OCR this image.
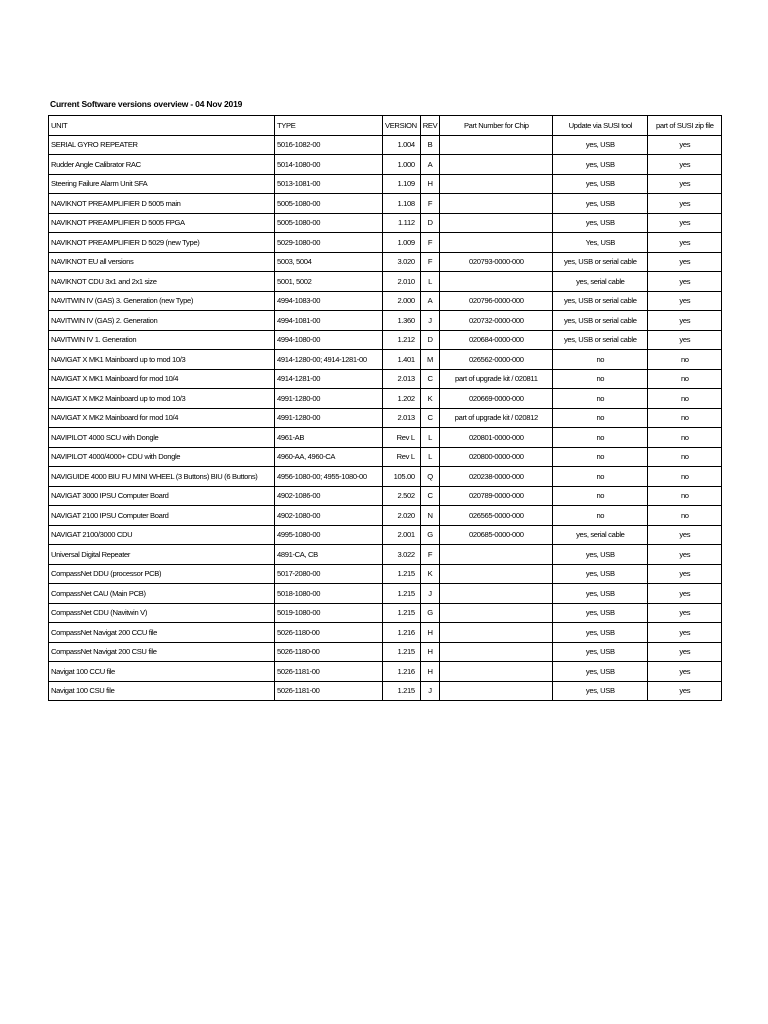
Current Software versions overview - 04 Nov 2019
UNIT	TYPE	VERSION	REV	Part Number for Chip	Update via SUSI tool	part of SUSI zip file
SERIAL GYRO REPEATER	5016-1082-00	1.004	B		yes, USB	yes
Rudder Angle Calibrator RAC	5014-1080-00	1.000	A		yes, USB	yes
Steering Failure Alarm Unit SFA	5013-1081-00	1.109	H		yes, USB	yes
NAVIKNOT PREAMPLIFIER D 5005 main	5005-1080-00	1.108	F		yes, USB	yes
NAVIKNOT PREAMPLIFIER D 5005 FPGA	5005-1080-00	1.112	D		yes, USB	yes
NAVIKNOT PREAMPLIFIER D 5029 (new Type)	5029-1080-00	1.009	F		Yes, USB	yes
NAVIKNOT EU all versions	5003, 5004	3.020	F	020793-0000-000	yes, USB or serial cable	yes
NAVIKNOT CDU 3x1 and 2x1 size	5001, 5002	2.010	L		yes, serial cable	yes
NAVITWIN IV (GAS) 3. Generation (new Type)	4994-1083-00	2.000	A	020796-0000-000	yes, USB or serial cable	yes
NAVITWIN IV (GAS) 2. Generation	4994-1081-00	1.360	J	020732-0000-000	yes, USB or serial cable	yes
NAVITWIN IV 1. Generation	4994-1080-00	1.212	D	020684-0000-000	yes, USB or serial cable	yes
NAVIGAT X MK1 Mainboard up to mod 10/3	4914-1280-00; 4914-1281-00	1.401	M	026562-0000-000	no	no
NAVIGAT X MK1 Mainboard for mod 10/4	4914-1281-00	2.013	C	part of upgrade kit / 020811	no	no
NAVIGAT X MK2 Mainboard up to mod 10/3	4991-1280-00	1.202	K	020669-0000-000	no	no
NAVIGAT X MK2 Mainboard for mod 10/4	4991-1280-00	2.013	C	part of upgrade kit / 020812	no	no
NAVIPILOT 4000 SCU with Dongle	4961-AB	Rev L	L	020801-0000-000	no	no
NAVIPILOT 4000/4000+ CDU with Dongle	4960-AA, 4960-CA	Rev L	L	020800-0000-000	no	no
NAVIGUIDE 4000 BIU FU MINI WHEEL (3 Buttons) BIU (6 Buttons)	4956-1080-00; 4955-1080-00	105.00	Q	020238-0000-000	no	no
NAVIGAT 3000 IPSU Computer Board	4902-1086-00	2.502	C	020789-0000-000	no	no
NAVIGAT 2100 IPSU Computer Board	4902-1080-00	2.020	N	026565-0000-000	no	no
NAVIGAT 2100/3000 CDU	4995-1080-00	2.001	G	020685-0000-000	yes, serial cable	yes
Universal Digital Repeater	4891-CA, CB	3.022	F		yes, USB	yes
CompassNet DDU (processor PCB)	5017-2080-00	1.215	K		yes, USB	yes
CompassNet CAU (Main PCB)	5018-1080-00	1.215	J		yes, USB	yes
CompassNet CDU (Navitwin V)	5019-1080-00	1.215	G		yes, USB	yes
CompassNet Navigat 200 CCU file	5026-1180-00	1.216	H		yes, USB	yes
CompassNet Navigat 200 CSU file	5026-1180-00	1.215	H		yes, USB	yes
Navigat 100 CCU file	5026-1181-00	1.216	H		yes, USB	yes
Navigat 100 CSU file	5026-1181-00	1.215	J		yes, USB	yes
